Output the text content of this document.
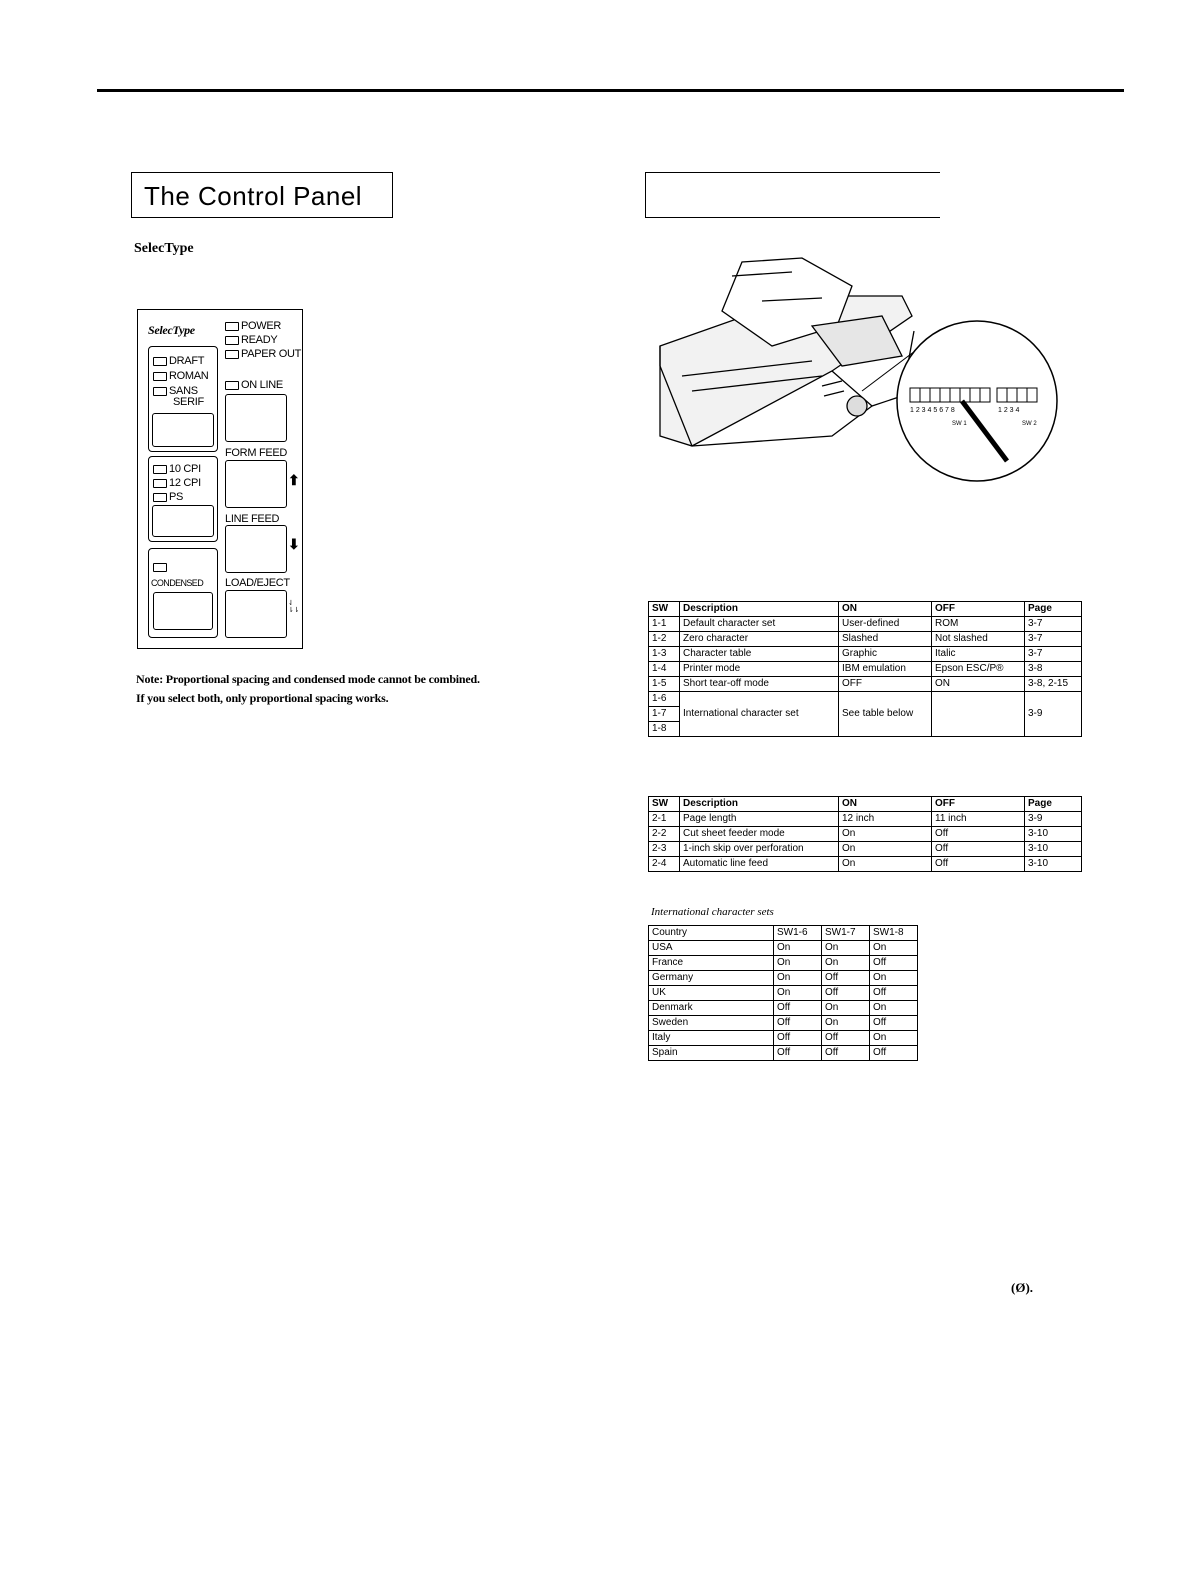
The Control Panel
SelecType
SelecType
DRAFT
ROMAN
SANS
SERIF
10 CPI
12 CPI
PS
CONDENSED
POWER
READY
PAPER OUT
ON LINE
FORM FEED
⬆
LINE FEED
⬇
LOAD/EJECT
⇃
⇂⇂
Note: Proportional spacing and condensed mode cannot be combined.
If you select both, only proportional spacing works.
1 2 3 4 5 6 7 8	1 2 3 4
SW 1	SW 2
SW	Description	ON	OFF	Page
1-1	Default character set	User-defined	ROM	3-7
1-2	Zero character	Slashed	Not slashed	3-7
1-3	Character table	Graphic	Italic	3-7
1-4	Printer mode	IBM emulation	Epson ESC/P®	3-8
1-5	Short tear-off mode	OFF	ON	3-8, 2-15
1-6	International character set	See table below		3-9
1-7				
1-8				
SW	Description	ON	OFF	Page
2-1	Page length	12 inch	11 inch	3-9
2-2	Cut sheet feeder mode	On	Off	3-10
2-3	1-inch skip over perforation	On	Off	3-10
2-4	Automatic line feed	On	Off	3-10
International character sets
Country	SW1-6	SW1-7	SW1-8
USA	On	On	On
France	On	On	Off
Germany	On	Off	On
UK	On	Off	Off
Denmark	Off	On	On
Sweden	Off	On	Off
Italy	Off	Off	On
Spain	Off	Off	Off
(Ø).
